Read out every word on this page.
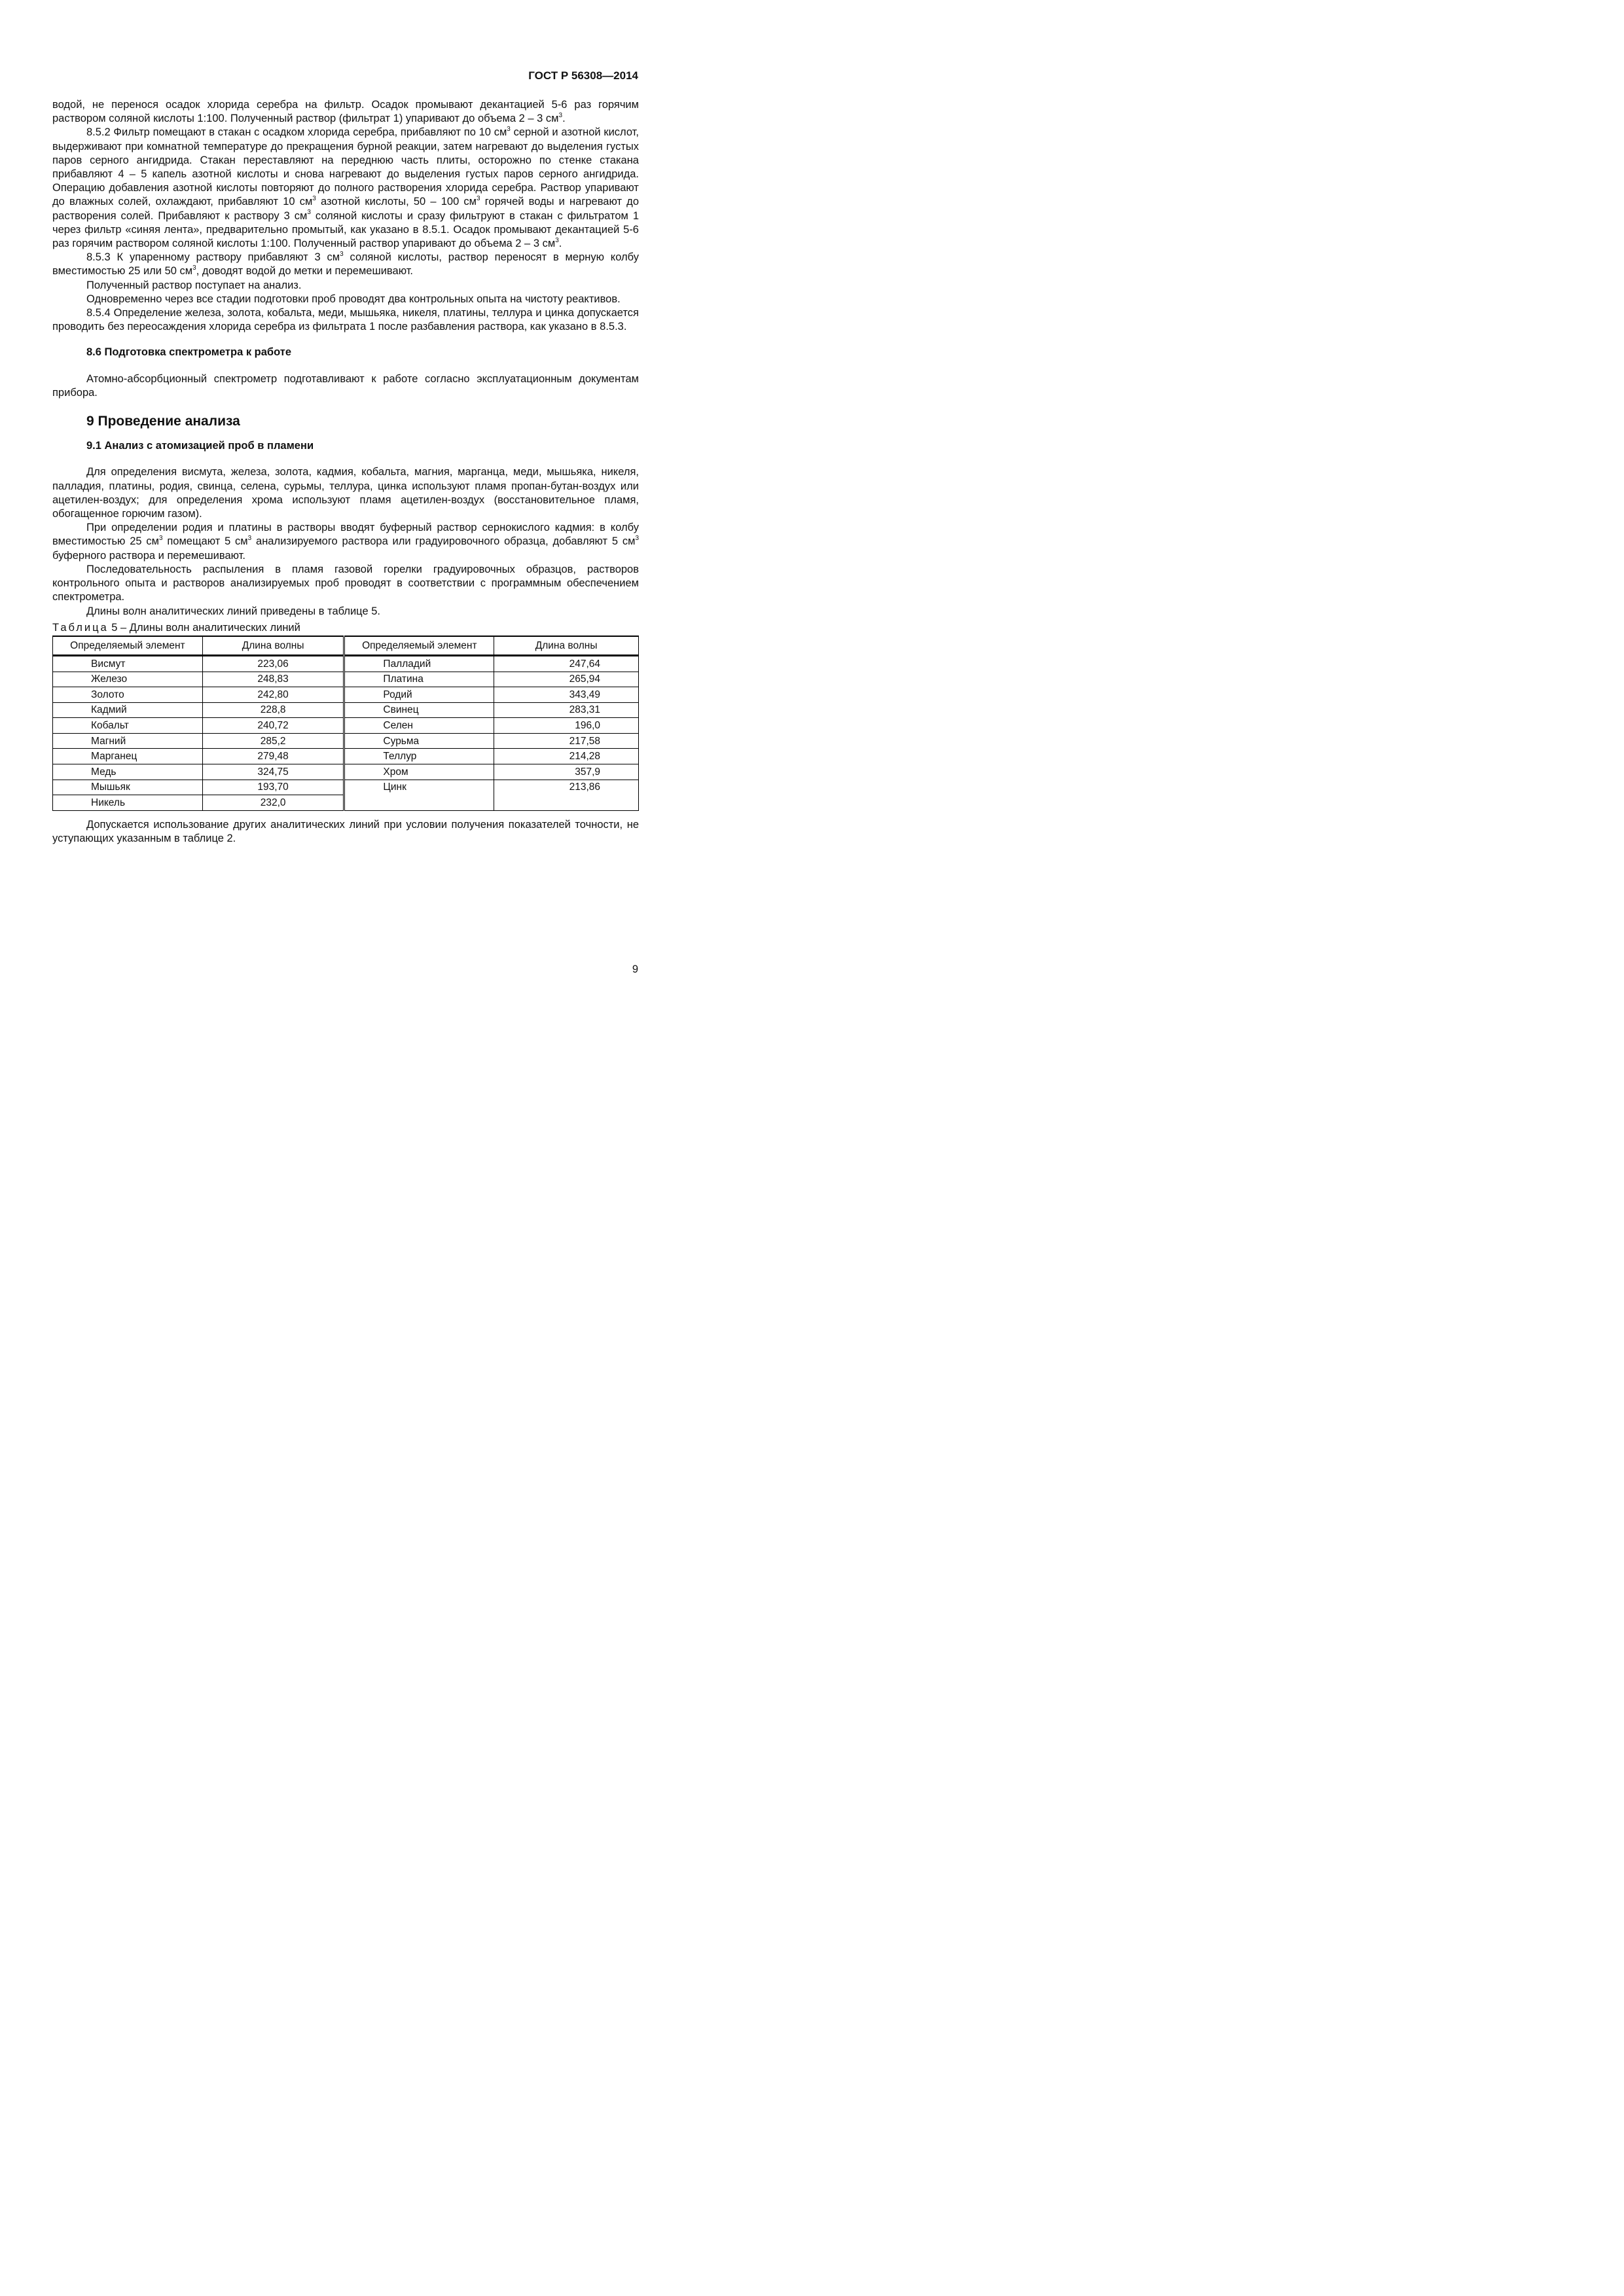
ГОСТ Р 56308—2014

водой, не перенося осадок хлорида серебра на фильтр. Осадок промывают декантацией 5-6 раз горячим раствором соляной кислоты 1:100. Полученный раствор (фильтрат 1) упаривают до объема 2 – 3 $см^3$.

8.5.2 Фильтр помещают в стакан с осадком хлорида серебра, прибавляют по 10 $см^3$ серной и азотной кислот, выдерживают при комнатной температуре до прекращения бурной реакции, затем нагревают до выделения густых паров серного ангидрида. Стакан переставляют на переднюю часть плиты, осторожно по стенке стакана прибавляют 4 – 5 капель азотной кислоты и снова нагревают до выделения густых паров серного ангидрида. Операцию добавления азотной кислоты повторяют до полного растворения хлорида серебра. Раствор упаривают до влажных солей, охлаждают, прибавляют 10 $см^3$ азотной кислоты, 50 – 100 $см^3$ горячей воды и нагревают до растворения солей. Прибавляют к раствору 3 $см^3$ соляной кислоты и сразу фильтруют в стакан с фильтратом 1 через фильтр «синяя лента», предварительно промытый, как указано в 8.5.1. Осадок промывают декантацией 5-6 раз горячим раствором соляной кислоты 1:100. Полученный раствор упаривают до объема 2 – 3 $см^3$.

8.5.3 К упаренному раствору прибавляют 3 $см^3$ соляной кислоты, раствор переносят в мерную колбу вместимостью 25 или 50 $см^3$, доводят водой до метки и перемешивают.

Полученный раствор поступает на анализ.

Одновременно через все стадии подготовки проб проводят два контрольных опыта на чистоту реактивов.

8.5.4 Определение железа, золота, кобальта, меди, мышьяка, никеля, платины, теллура и цинка допускается проводить без переосаждения хлорида серебра из фильтрата 1 после разбавления раствора, как указано в 8.5.3.

8.6 Подготовка спектрометра к работе

Атомно-абсорбционный спектрометр подготавливают к работе согласно эксплуатационным документам прибора.

9 Проведение анализа
9.1 Анализ с атомизацией проб в пламени

Для определения висмута, железа, золота, кадмия, кобальта, магния, марганца, меди, мышьяка, никеля, палладия, платины, родия, свинца, селена, сурьмы, теллура, цинка используют пламя пропан-бутан-воздух или ацетилен-воздух; для определения хрома используют пламя ацетилен-воздух (восстановительное пламя, обогащенное горючим газом).

При определении родия и платины в растворы вводят буферный раствор сернокислого кадмия: в колбу вместимостью 25 $см^3$ помещают 5 $см^3$ анализируемого раствора или градуировочного образца, добавляют 5 $см^3$ буферного раствора и перемешивают.

Последовательность распыления в пламя газовой горелки градуировочных образцов, растворов контрольного опыта и растворов анализируемых проб проводят в соответствии с программным обеспечением спектрометра.

Длины волн аналитических линий приведены в таблице 5.

Таблица 5 – Длины волн аналитических линий
Определяемый элемент	Длина волны	Определяемый элемент	Длина волны
Висмут	223,06	Палладий	247,64
Железо	248,83	Платина	265,94
Золото	242,80	Родий	343,49
Кадмий	228,8	Свинец	283,31
Кобальт	240,72	Селен	196,0
Магний	285,2	Сурьма	217,58
Марганец	279,48	Теллур	214,28
Медь	324,75	Хром	357,9
Мышьяк	193,70	Цинк	213,86
Никель	232,0		

Допускается использование других аналитических линий при условии получения показателей точности, не уступающих указанным в таблице 2.

9
